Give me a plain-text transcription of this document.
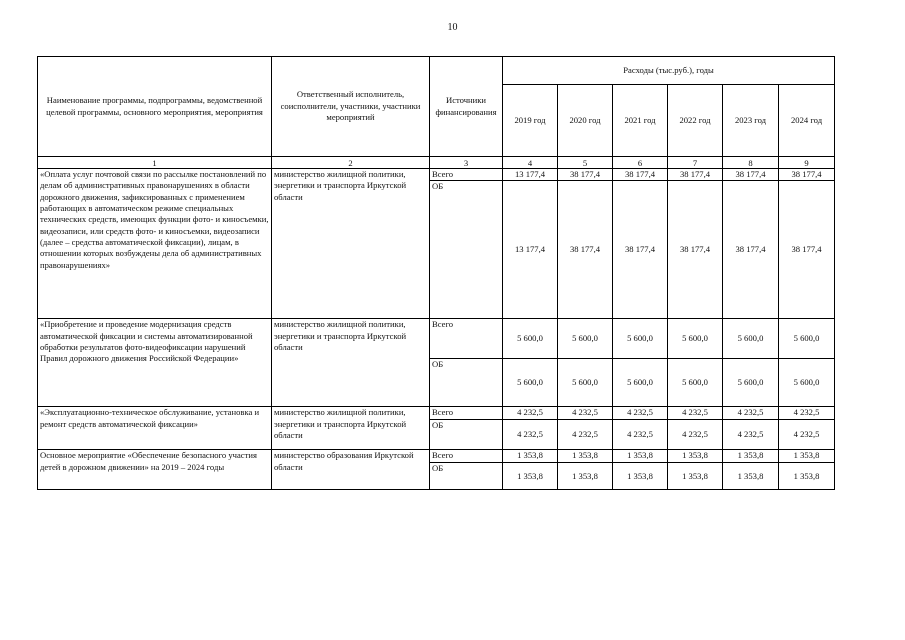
10
Наименование программы, подпрограммы, ведомственной целевой программы, основного мероприятия, мероприятия	Ответственный исполнитель, соисполнители, участники, участники мероприятий	Источники финансирования	Расходы (тыс.руб.), годы					
			2019 год	2020 год	2021 год	2022 год	2023 год	2024 год
1	2	3	4	5	6	7	8	9
«Оплата услуг почтовой связи по рассылке постановлений по делам об административных правонарушениях в области дорожного движения, зафиксированных с применением работающих в автоматическом режиме специальных технических средств, имеющих функции фото- и киносъемки, видеозаписи, или средств фото- и киносъемки, видеозаписи (далее – средства автоматической фиксации), лицам, в отношении которых возбуждены дела об административных правонарушениях»	министерство жилищной политики, энергетики и транспорта Иркутской области	Всего	13 177,4	38 177,4	38 177,4	38 177,4	38 177,4	38 177,4
		ОБ	13 177,4	38 177,4	38 177,4	38 177,4	38 177,4	38 177,4
«Приобретение и проведение модернизация средств автоматической фиксации и системы автоматизированной обработки результатов фото-видеофиксации нарушений Правил дорожного движения Российской Федерации»	министерство жилищной политики, энергетики и транспорта Иркутской области	Всего	5 600,0	5 600,0	5 600,0	5 600,0	5 600,0	5 600,0
		ОБ	5 600,0	5 600,0	5 600,0	5 600,0	5 600,0	5 600,0
«Эксплуатационно-техническое обслуживание, установка и ремонт средств автоматической фиксации»	министерство жилищной политики, энергетики и транспорта Иркутской области	Всего	4 232,5	4 232,5	4 232,5	4 232,5	4 232,5	4 232,5
		ОБ	4 232,5	4 232,5	4 232,5	4 232,5	4 232,5	4 232,5
Основное мероприятие «Обеспечение безопасного участия детей в дорожном движении» на 2019 – 2024 годы	министерство образования Иркутской области	Всего	1 353,8	1 353,8	1 353,8	1 353,8	1 353,8	1 353,8
		ОБ	1 353,8	1 353,8	1 353,8	1 353,8	1 353,8	1 353,8
